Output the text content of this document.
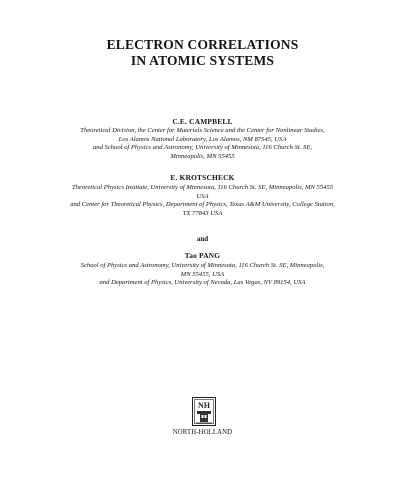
ELECTRON CORRELATIONS
IN ATOMIC SYSTEMS
C.E. CAMPBELL
Theoretical Division, the Center for Materials Science and the Center for Nonlinear Studies,
Los Alamos National Laboratory, Los Alamos, NM 87545, USA
and School of Physics and Astronomy, University of Minnesota, 116 Church St. SE,
Minneapolis, MN 55455
E. KROTSCHECK
Theoretical Physics Institute, University of Minnesota, 116 Church St. SE, Minneapolis, MN 55455
USA
and Center for Theoretical Physics, Department of Physics, Texas A&M University, College Station,
TX 77843 USA
and
Tao PANG
School of Physics and Astronomy, University of Minnesota, 116 Church St. SE, Minneapolis,
MN 55455, USA
and Department of Physics, University of Nevada, Las Vegas, NV 89154, USA
NH
NORTH-HOLLAND
